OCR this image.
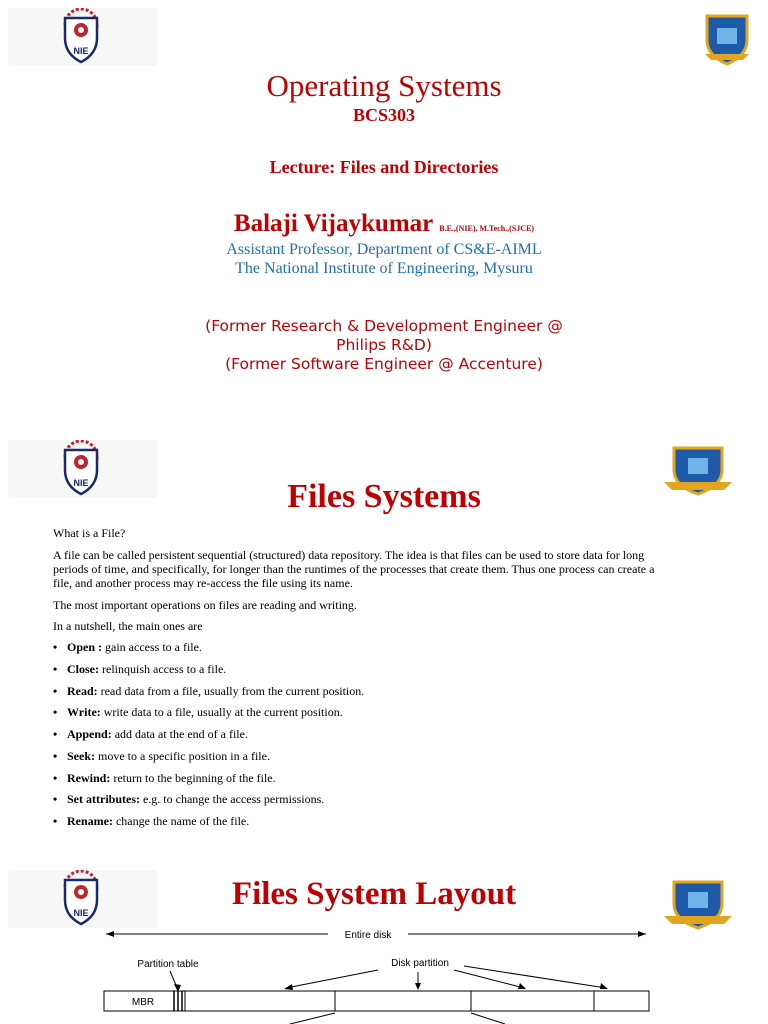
NIE
Operating Systems
BCS303
Lecture: Files and Directories
Balaji Vijaykumar B.E.,(NIE), M.Tech.,(SJCE)
Assistant Professor, Department of CS&E-AIML
The National Institute of Engineering, Mysuru
(Former Research & Development Engineer @
Philips R&D)
(Former Software Engineer @ Accenture)
NIE	Files Systems
What is a File?
A file can be called persistent sequential (structured) data repository. The idea is that files can be used to store data for long
periods of time, and specifically, for longer than the runtimes of the processes that create them. Thus one process can create a
file, and another process may re-access the file using its name.
The most important operations on files are reading and writing.
In a nutshell, the main ones are
• Open : gain access to a file.
• Close: relinquish access to a file.
• Read: read data from a file, usually from the current position.
• Write: write data to a file, usually at the current position.
• Append: add data at the end of a file.
• Seek: move to a specific position in a file.
• Rewind: return to the beginning of the file.
• Set attributes: e.g. to change the access permissions.
• Rename: change the name of the file.
NIE
Files System Layout
Entire disk
Partition table	Disk partition
MBR
